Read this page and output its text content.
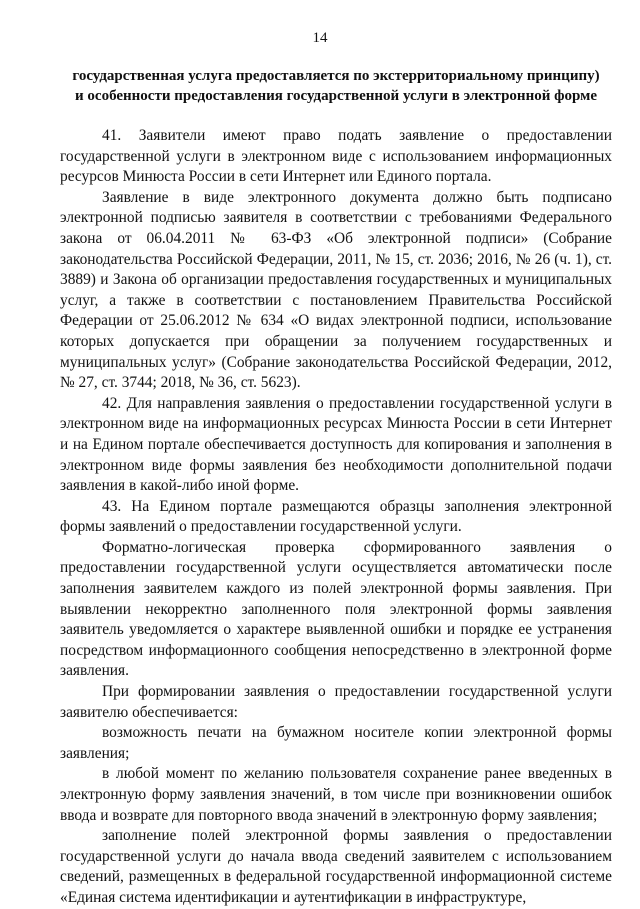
14
государственная услуга предоставляется по экстерриториальному принципу)
и особенности предоставления государственной услуги в электронной форме

41. Заявители имеют право подать заявление о предоставлении государственной услуги в электронном виде с использованием информационных ресурсов Минюста России в сети Интернет или Единого портала.

Заявление в виде электронного документа должно быть подписано электронной подписью заявителя в соответствии с требованиями Федерального закона от 06.04.2011 № 63-ФЗ «Об электронной подписи» (Собрание законодательства Российской Федерации, 2011, № 15, ст. 2036; 2016, № 26 (ч. 1), ст. 3889) и Закона об организации предоставления государственных и муниципальных услуг, а также в соответствии с постановлением Правительства Российской Федерации от 25.06.2012 № 634 «О видах электронной подписи, использование которых допускается при обращении за получением государственных и муниципальных услуг» (Собрание законодательства Российской Федерации, 2012, № 27, ст. 3744; 2018, № 36, ст. 5623).

42. Для направления заявления о предоставлении государственной услуги в электронном виде на информационных ресурсах Минюста России в сети Интернет и на Едином портале обеспечивается доступность для копирования и заполнения в электронном виде формы заявления без необходимости дополнительной подачи заявления в какой-либо иной форме.

43. На Едином портале размещаются образцы заполнения электронной формы заявлений о предоставлении государственной услуги.

Форматно-логическая проверка сформированного заявления о предоставлении государственной услуги осуществляется автоматически после заполнения заявителем каждого из полей электронной формы заявления. При выявлении некорректно заполненного поля электронной формы заявления заявитель уведомляется о характере выявленной ошибки и порядке ее устранения посредством информационного сообщения непосредственно в электронной форме заявления.

При формировании заявления о предоставлении государственной услуги заявителю обеспечивается:

возможность печати на бумажном носителе копии электронной формы заявления;

в любой момент по желанию пользователя сохранение ранее введенных в электронную форму заявления значений, в том числе при возникновении ошибок ввода и возврате для повторного ввода значений в электронную форму заявления;

заполнение полей электронной формы заявления о предоставлении государственной услуги до начала ввода сведений заявителем с использованием сведений, размещенных в федеральной государственной информационной системе «Единая система идентификации и аутентификации в инфраструктуре,
